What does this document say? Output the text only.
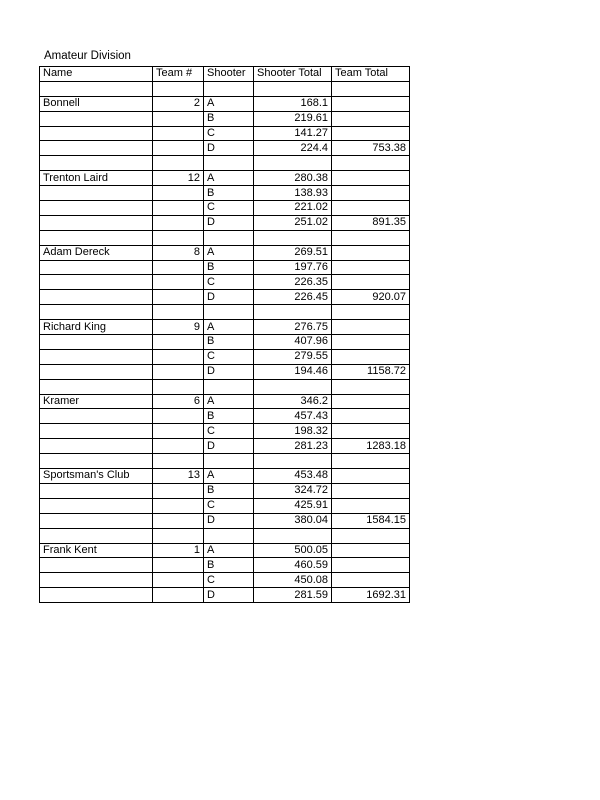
Amateur Division
Name	Team #	Shooter	Shooter Total	Team Total

Bonnell	2	A	168.1	
		B	219.61	
		C	141.27	
		D	224.4	753.38

Trenton Laird	12	A	280.38	
		B	138.93	
		C	221.02	
		D	251.02	891.35

Adam Dereck	8	A	269.51	
		B	197.76	
		C	226.35	
		D	226.45	920.07

Richard King	9	A	276.75	
		B	407.96	
		C	279.55	
		D	194.46	1158.72

Kramer	6	A	346.2	
		B	457.43	
		C	198.32	
		D	281.23	1283.18

Sportsman's Club	13	A	453.48	
		B	324.72	
		C	425.91	
		D	380.04	1584.15

Frank Kent	1	A	500.05	
		B	460.59	
		C	450.08	
		D	281.59	1692.31
